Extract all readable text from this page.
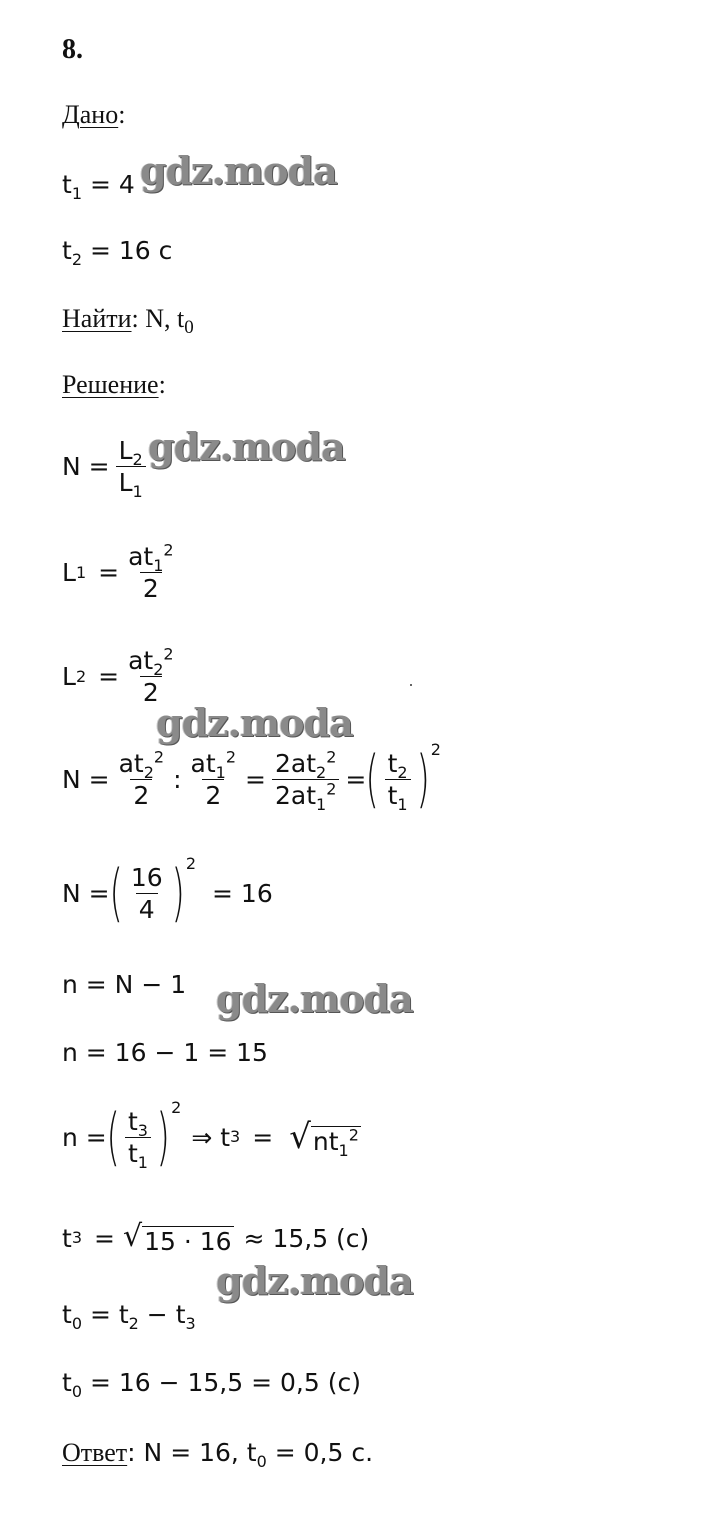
8.
Дано:
$t_1 = 4$
$t_2 = 16$ с
Найти: N, $t_0$
Решение:
$N = \frac{L_2}{L_1}$
L $1 = \frac{at_1^2}{2}$
L $2 = \frac{at_2^2}{2}$
$N = \frac{at_2^2}{2}$ : $\frac{at_1^2}{2} = \frac{2at_2^2}{2at_1^2}$ = ( $\frac{t_2}{t_1}$ ) 2
N = ( $\frac{16}{4}$ ) 2
= 16
n = N − 1
n = 16 − 1 = 15
n = ( $\frac{t_3}{t_1}$ ) 2
⇒ t 3 = √ $nt_1^2$
t 3 = √ 15 · 16 ≈ 15,5 (c)
$t_0 = t_2 - t_3$
$t_0 = 16 - 15,5 = 0,5$ (c)
Ответ: N = 16, $t_0 = 0,5$ с.
gdz.moda
gdz.moda
gdz.moda
gdz.moda
gdz.moda
